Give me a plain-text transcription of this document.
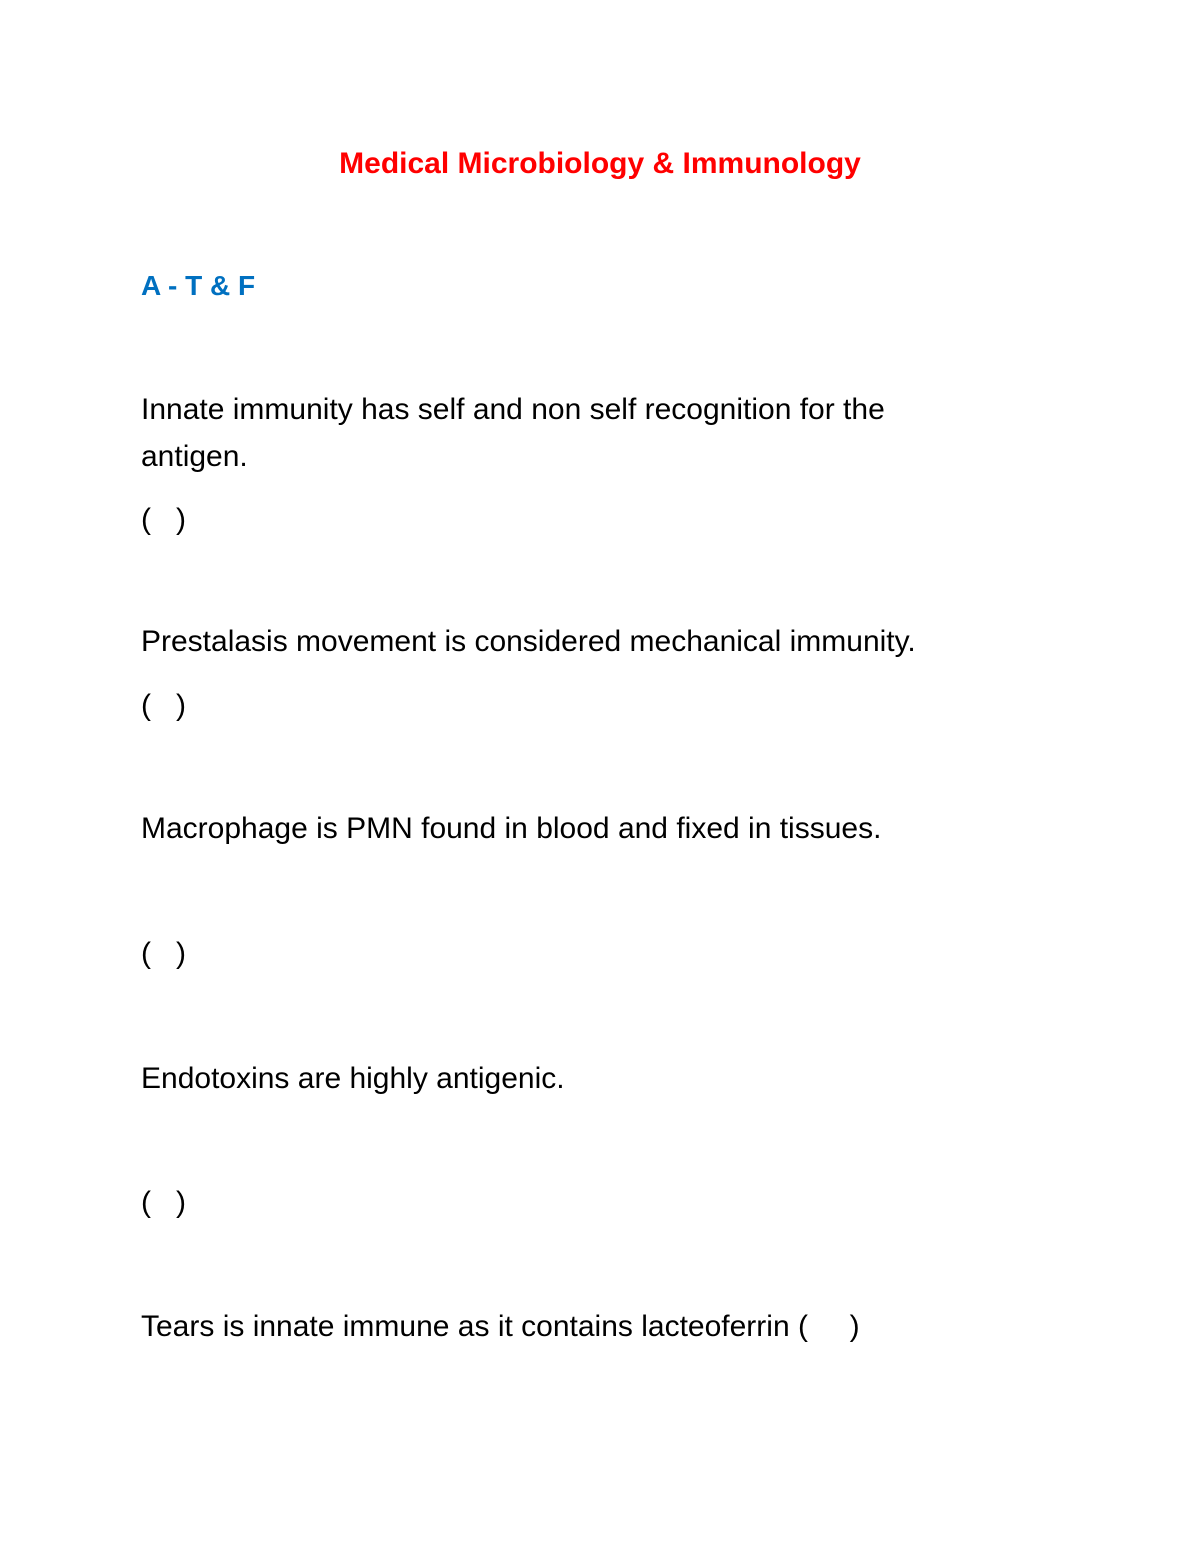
Medical Microbiology & Immunology
A - T & F
Innate immunity has self and non self recognition for the
antigen.
(   )
Prestalasis movement is considered mechanical immunity.
(   )
Macrophage is PMN found in blood and fixed in tissues.
(   )
Endotoxins are highly antigenic.
(   )
Tears is innate immune as it contains lacteoferrin (     )
